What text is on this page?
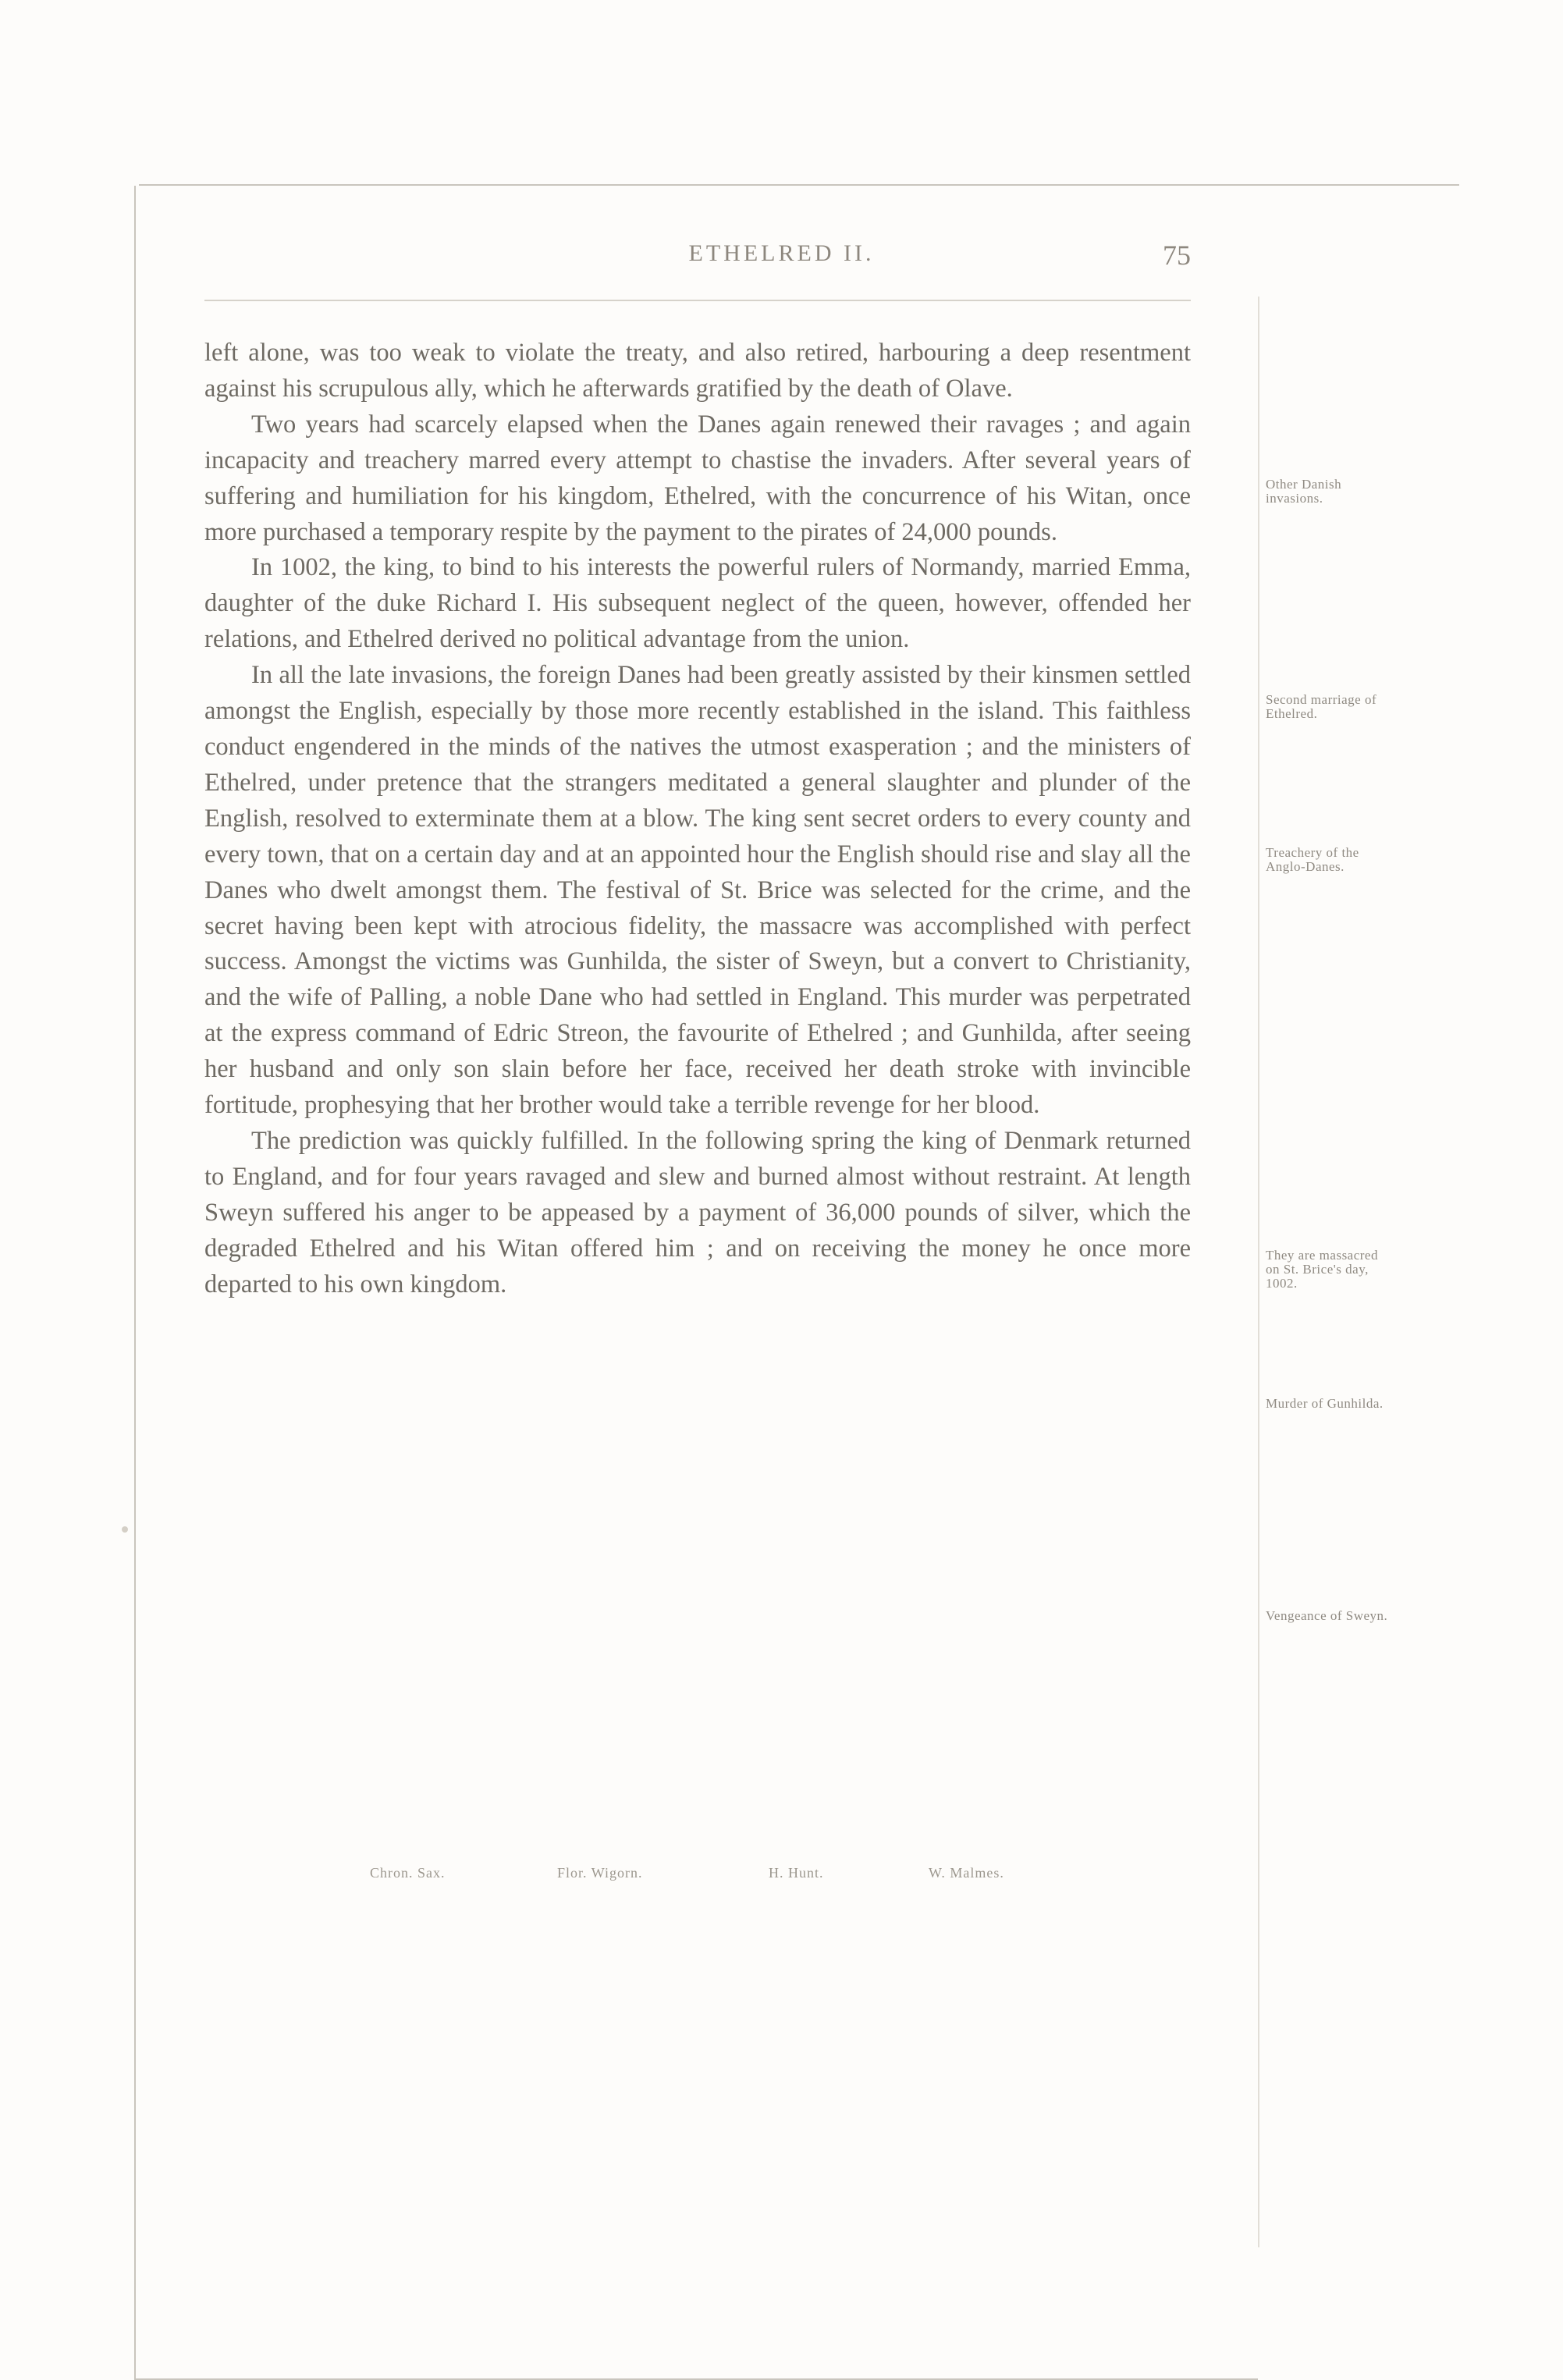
ETHELRED II.	75

left alone, was too weak to violate the treaty, and also retired, harbouring a deep resentment against his scrupulous ally, which he afterwards gratified by the death of Olave.

Two years had scarcely elapsed when the Danes again renewed their ravages ; and again incapacity and treachery marred every attempt to chastise the invaders. After several years of suffering and humiliation for his kingdom, Ethelred, with the concurrence of his Witan, once more purchased a temporary respite by the payment to the pirates of 24,000 pounds.

In 1002, the king, to bind to his interests the powerful rulers of Normandy, married Emma, daughter of the duke Richard I. His subsequent neglect of the queen, however, offended her relations, and Ethelred derived no political advantage from the union.

In all the late invasions, the foreign Danes had been greatly assisted by their kinsmen settled amongst the English, especially by those more recently established in the island. This faithless conduct engendered in the minds of the natives the utmost exasperation ; and the ministers of Ethelred, under pretence that the strangers meditated a general slaughter and plunder of the English, resolved to exterminate them at a blow. The king sent secret orders to every county and every town, that on a certain day and at an appointed hour the English should rise and slay all the Danes who dwelt amongst them. The festival of St. Brice was selected for the crime, and the secret having been kept with atrocious fidelity, the massacre was accomplished with perfect success. Amongst the victims was Gunhilda, the sister of Sweyn, but a convert to Christianity, and the wife of Palling, a noble Dane who had settled in England. This murder was perpetrated at the express command of Edric Streon, the favourite of Ethelred ; and Gunhilda, after seeing her husband and only son slain before her face, received her death stroke with invincible fortitude, prophesying that her brother would take a terrible revenge for her blood.

The prediction was quickly fulfilled. In the following spring the king of Denmark returned to England, and for four years ravaged and slew and burned almost without restraint. At length Sweyn suffered his anger to be appeased by a payment of 36,000 pounds of silver, which the degraded Ethelred and his Witan offered him ; and on receiving the money he once more departed to his own kingdom.

Other Danish invasions.
Second marriage of Ethelred.
Treachery of the Anglo-Danes.
They are massacred on St. Brice's day, 1002.
Murder of Gunhilda.
Vengeance of Sweyn.
Chron. Sax.	Flor. Wigorn.	H. Hunt.	W. Malmes.
